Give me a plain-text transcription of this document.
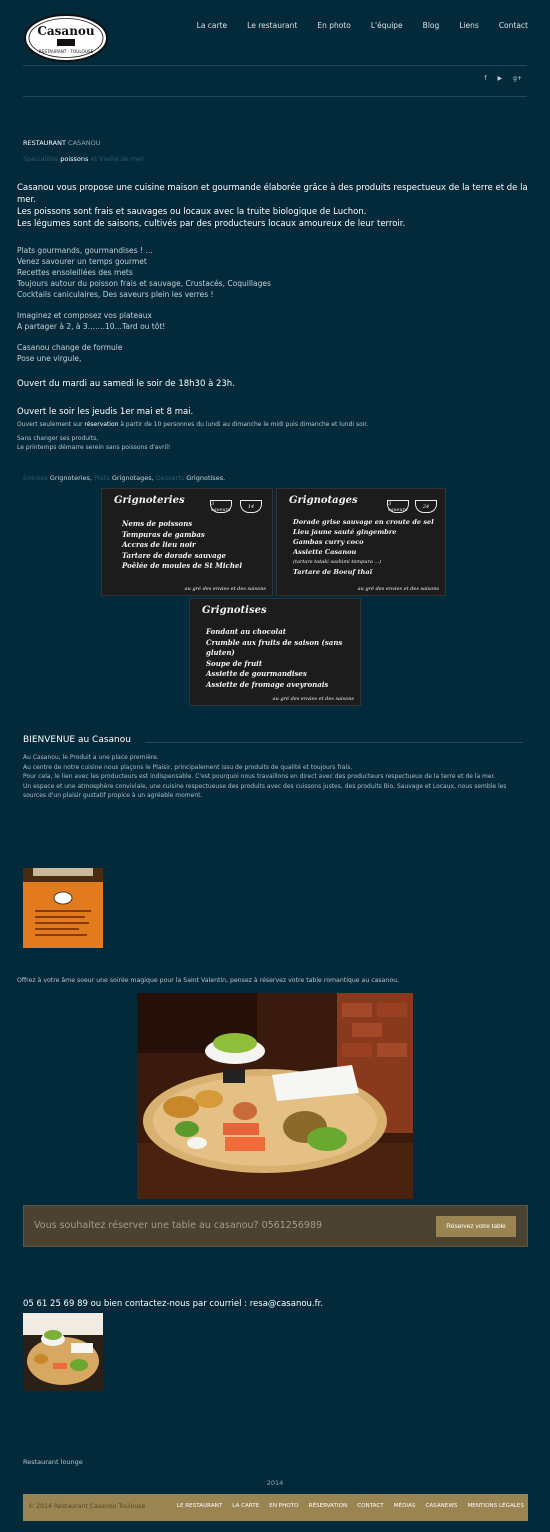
Casanou
RESTAURANT · TOULOUSE
La carte	Le restaurant	En photo	L'équipe	Blog	Liens	Contact
f ▶ g+
RESTAURANT CASANOU
Spécialités poissons et Vieille de mer
Casanou vous propose une cuisine maison et gourmande élaborée grâce à des produits respectueux de la terre et de la mer.
Les poissons sont frais et sauvages ou locaux avec la truite biologique de Luchon.
Les légumes sont de saisons, cultivés par des producteurs locaux amoureux de leur terroir.
Plats gourmands, gourmandises ! …
Venez savourer un temps gourmet
Recettes ensoleillées des mets
Toujours autour du poisson frais et sauvage, Crustacés, Coquillages
Cocktails caniculaires, Des saveurs plein les verres !
Imaginez et composez vos plateaux
A partager à 2, à 3…….10…Tard ou tôt!
Casanou change de formule
Pose une virgule,
Ouvert du mardi au samedi le soir de 18h30 à 23h.
Ouvert le soir les jeudis 1er mai et 8 mai.
Ouvert seulement sur réservation à partir de 10 personnes du lundi au dimanche le midi puis dimanche et lundi soir.
Sans changer ses produits,
Le printemps démarre serein sans poissons d'avril!
Entrées Grignoteries, Plats Grignotages, Desserts Grignotises.
Grignoteries	3 saveurs	14
Nems de poissons
Tempuras de gambas
Accras de lieu noir
Tartare de dorade sauvage
Poêlée de moules de St Michel
au gré des envies et des saisons
Grignotages	3 saveurs	24
Dorade grise sauvage en croute de sel
Lieu jaune sauté gingembre
Gambas curry coco
Assiette Casanou
(tartare tataki sashimi tempura ...)
Tartare de Boeuf thaï
au gré des envies et des saisons
Grignotises
Fondant au chocolat
Crumble aux fruits de saison (sans gluten)
Soupe de fruit
Assiette de gourmandises
Assiette de fromage aveyronais
au gré des envies et des saisons
BIENVENUE au Casanou
Au Casanou, le Produit a une place première.
Au centre de notre cuisine nous plaçons le Plaisir, principalement issu de produits de qualité et toujours frais.
Pour cela, le lien avec les producteurs est indispensable. C'est pourquoi nous travaillons en direct avec des producteurs respectueux de la terre et de la mer.
Un espace et une atmosphère conviviale, une cuisine respectueuse des produits avec des cuissons justes, des produits Bio, Sauvage et Locaux, nous semble les sources d'un plaisir gustatif propice à un agréable moment.
Offrez à votre âme soeur une soirée magique pour la Saint Valentin, pensez à réservez votre table romantique au casanou.
Vous souhaitez réserver une table au casanou? 0561256989	Réservez votre table
05 61 25 69 89 ou bien contactez-nous par courriel : resa@casanou.fr.
Restaurant lounge
2014
© 2014 Restaurant Casanou Toulouse	LE RESTAURANT LA CARTE EN PHOTO RÉSERVATION CONTACT MÉDIAS CASANEWS MENTIONS LÉGALES
